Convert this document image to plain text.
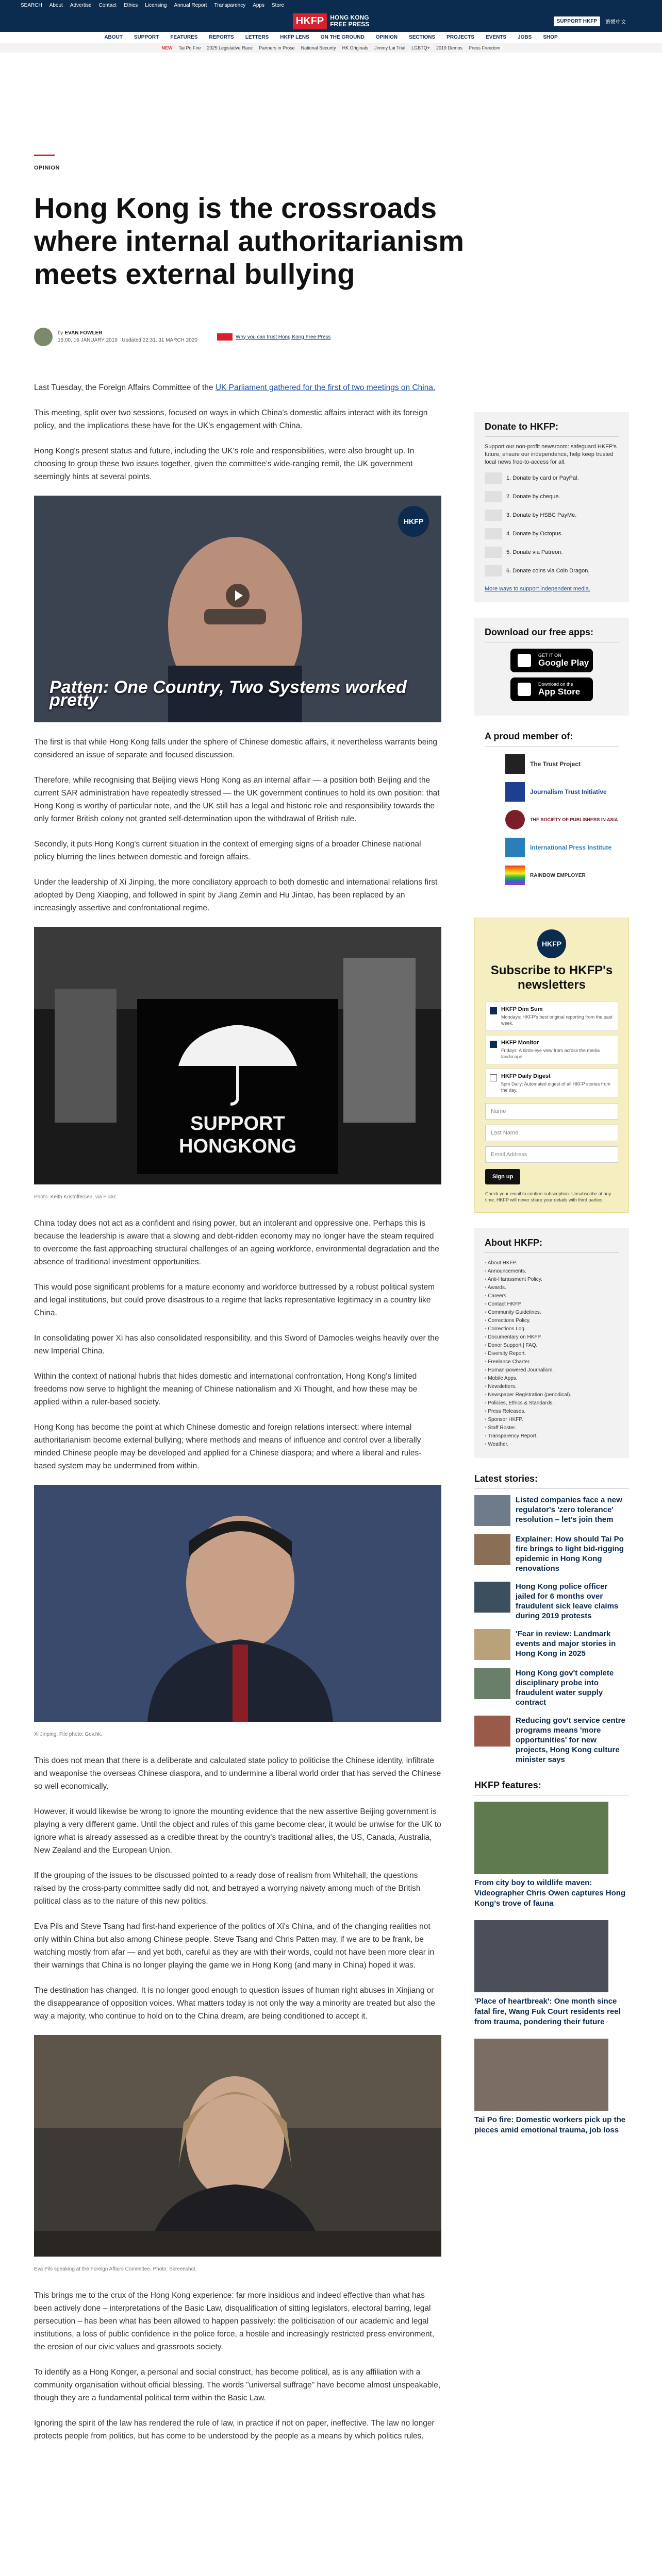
SEARCH About Advertise Contact Ethics Licensing Annual Report Transparency Apps Store
HKFP	HONG KONG
FREE PRESS	SUPPORT HKFP	繁體中文
ABOUT SUPPORT FEATURES REPORTS LETTERS HKFP LENS ON THE GROUND OPINION SECTIONS PROJECTS EVENTS JOBS SHOP
NEW Tai Po Fire 2025 Legislative Race Partners in Prose National Security HK Originals Jimmy Lai Trial LGBTQ+ 2019 Demos Press Freedom
OPINION
Hong Kong is the crossroads where internal authoritarianism meets external bullying
by EVAN FOWLER
15:00, 16 JANUARY 2019 Updated 22:31, 31 MARCH 2020
Why you can trust Hong Kong Free Press

Last Tuesday, the Foreign Affairs Committee of the UK Parliament gathered for the first of two meetings on China.

This meeting, split over two sessions, focused on ways in which China's domestic affairs interact with its foreign policy, and the implications these have for the UK's engagement with China.

Hong Kong's present status and future, including the UK's role and responsibilities, were also brought up. In choosing to group these two issues together, given the committee's wide-ranging remit, the UK government seemingly hints at several points.

HKFP
Patten: One Country, Two Systems worked pretty

The first is that while Hong Kong falls under the sphere of Chinese domestic affairs, it nevertheless warrants being considered an issue of separate and focused discussion.

Therefore, while recognising that Beijing views Hong Kong as an internal affair — a position both Beijing and the current SAR administration have repeatedly stressed — the UK government continues to hold its own position: that Hong Kong is worthy of particular note, and the UK still has a legal and historic role and responsibility towards the only former British colony not granted self-determination upon the withdrawal of British rule.

Secondly, it puts Hong Kong's current situation in the context of emerging signs of a broader Chinese national policy blurring the lines between domestic and foreign affairs.

Under the leadership of Xi Jinping, the more conciliatory approach to both domestic and international relations first adopted by Deng Xiaoping, and followed in spirit by Jiang Zemin and Hu Jintao, has been replaced by an increasingly assertive and confrontational regime.

SUPPORT
HONGKONG
Photo: Keith Kristoffersen, via Flickr.

China today does not act as a confident and rising power, but an intolerant and oppressive one. Perhaps this is because the leadership is aware that a slowing and debt-ridden economy may no longer have the steam required to overcome the fast approaching structural challenges of an ageing workforce, environmental degradation and the absence of traditional investment opportunities.

This would pose significant problems for a mature economy and workforce buttressed by a robust political system and legal institutions, but could prove disastrous to a regime that lacks representative legitimacy in a country like China.

In consolidating power Xi has also consolidated responsibility, and this Sword of Damocles weighs heavily over the new Imperial China.

Within the context of national hubris that hides domestic and international confrontation, Hong Kong's limited freedoms now serve to highlight the meaning of Chinese nationalism and Xi Thought, and how these may be applied within a ruler-based society.

Hong Kong has become the point at which Chinese domestic and foreign relations intersect: where internal authoritarianism become external bullying; where methods and means of influence and control over a liberally minded Chinese people may be developed and applied for a Chinese diaspora; and where a liberal and rules-based system may be undermined from within.

Xi Jinping. File photo: Gov.hk.

This does not mean that there is a deliberate and calculated state policy to politicise the Chinese identity, infiltrate and weaponise the overseas Chinese diaspora, and to undermine a liberal world order that has served the Chinese so well economically.

However, it would likewise be wrong to ignore the mounting evidence that the new assertive Beijing government is playing a very different game. Until the object and rules of this game become clear, it would be unwise for the UK to ignore what is already assessed as a credible threat by the country's traditional allies, the US, Canada, Australia, New Zealand and the European Union.

If the grouping of the issues to be discussed pointed to a ready dose of realism from Whitehall, the questions raised by the cross-party committee sadly did not, and betrayed a worrying naivety among much of the British political class as to the nature of this new politics.

Eva Pils and Steve Tsang had first-hand experience of the politics of Xi's China, and of the changing realities not only within China but also among Chinese people. Steve Tsang and Chris Patten may, if we are to be frank, be watching mostly from afar — and yet both, careful as they are with their words, could not have been more clear in their warnings that China is no longer playing the game we in Hong Kong (and many in China) hoped it was.

The destination has changed. It is no longer good enough to question issues of human right abuses in Xinjiang or the disappearance of opposition voices. What matters today is not only the way a minority are treated but also the way a majority, who continue to hold on to the China dream, are being conditioned to accept it.

Eva Pils speaking at the Foreign Affairs Committee. Photo: Screenshot.

This brings me to the crux of the Hong Kong experience: far more insidious and indeed effective than what has been actively done – interpretations of the Basic Law, disqualification of sitting legislators, electoral barring, legal persecution – has been what has been allowed to happen passively: the politicisation of our academic and legal institutions, a loss of public confidence in the police force, a hostile and increasingly restricted press environment, the erosion of our civic values and grassroots society.

To identify as a Hong Konger, a personal and social construct, has become political, as is any affiliation with a community organisation without official blessing. The words "universal suffrage" have become almost unspeakable, though they are a fundamental political term within the Basic Law.

Ignoring the spirit of the law has rendered the rule of law, in practice if not on paper, ineffective. The law no longer protects people from politics, but has come to be understood by the people as a means by which politics rules.

Donate to HKFP:
Support our non-profit newsroom: safeguard HKFP's future, ensure our independence, help keep trusted local news free-to-access for all.
1. Donate by card or PayPal.
2. Donate by cheque.
3. Donate by HSBC PayMe.
4. Donate by Octopus.
5. Donate via Patreon.
6. Donate coins via Coin Dragon.
More ways to support independent media.
Download our free apps:
GET IT ON
Google Play
Download on the
App Store
A proud member of:
The Trust Project
Journalism Trust Initiative
THE SOCIETY OF PUBLISHERS IN ASIA
International Press Institute
RAINBOW EMPLOYER
HKFP
Subscribe to HKFP's newsletters
HKFP Dim Sum
Mondays: HKFP's best original reporting from the past week.
HKFP Monitor
Fridays: A birds-eye view from across the media landscape.
HKFP Daily Digest
5pm Daily: Automated digest of all HKFP stories from the day.
Name
Last Name
Email Address
Sign up
Check your email to confirm subscription. Unsubscribe at any time. HKFP will never share your details with third parties.
About HKFP:
▪ About HKFP.
▪ Announcements.
▪ Anti-Harassment Policy.
▪ Awards.
▪ Careers.
▪ Contact HKFP.
▪ Community Guidelines.
▪ Corrections Policy.
▪ Corrections Log.
▪ Documentary on HKFP.
▪ Donor Support | FAQ.
▪ Diversity Report.
▪ Freelance Charter.
▪ Human-powered Journalism.
▪ Mobile Apps.
▪ Newsletters.
▪ Newspaper Registration (periodical).
▪ Policies, Ethics & Standards.
▪ Press Releases.
▪ Sponsor HKFP.
▪ Staff Roster.
▪ Transparency Report.
▪ Weather.
Latest stories:
Listed companies face a new regulator's 'zero tolerance' resolution – let's join them
Explainer: How should Tai Po fire brings to light bid-rigging epidemic in Hong Kong renovations
Hong Kong police officer jailed for 6 months over fraudulent sick leave claims during 2019 protests
'Fear in review: Landmark events and major stories in Hong Kong in 2025
Hong Kong gov't complete disciplinary probe into fraudulent water supply contract
Reducing gov't service centre programs means 'more opportunities' for new projects, Hong Kong culture minister says
HKFP features:
From city boy to wildlife maven: Videographer Chris Owen captures Hong Kong's trove of fauna
'Place of heartbreak': One month since fatal fire, Wang Fuk Court residents reel from trauma, pondering their future
Tai Po fire: Domestic workers pick up the pieces amid emotional trauma, job loss
